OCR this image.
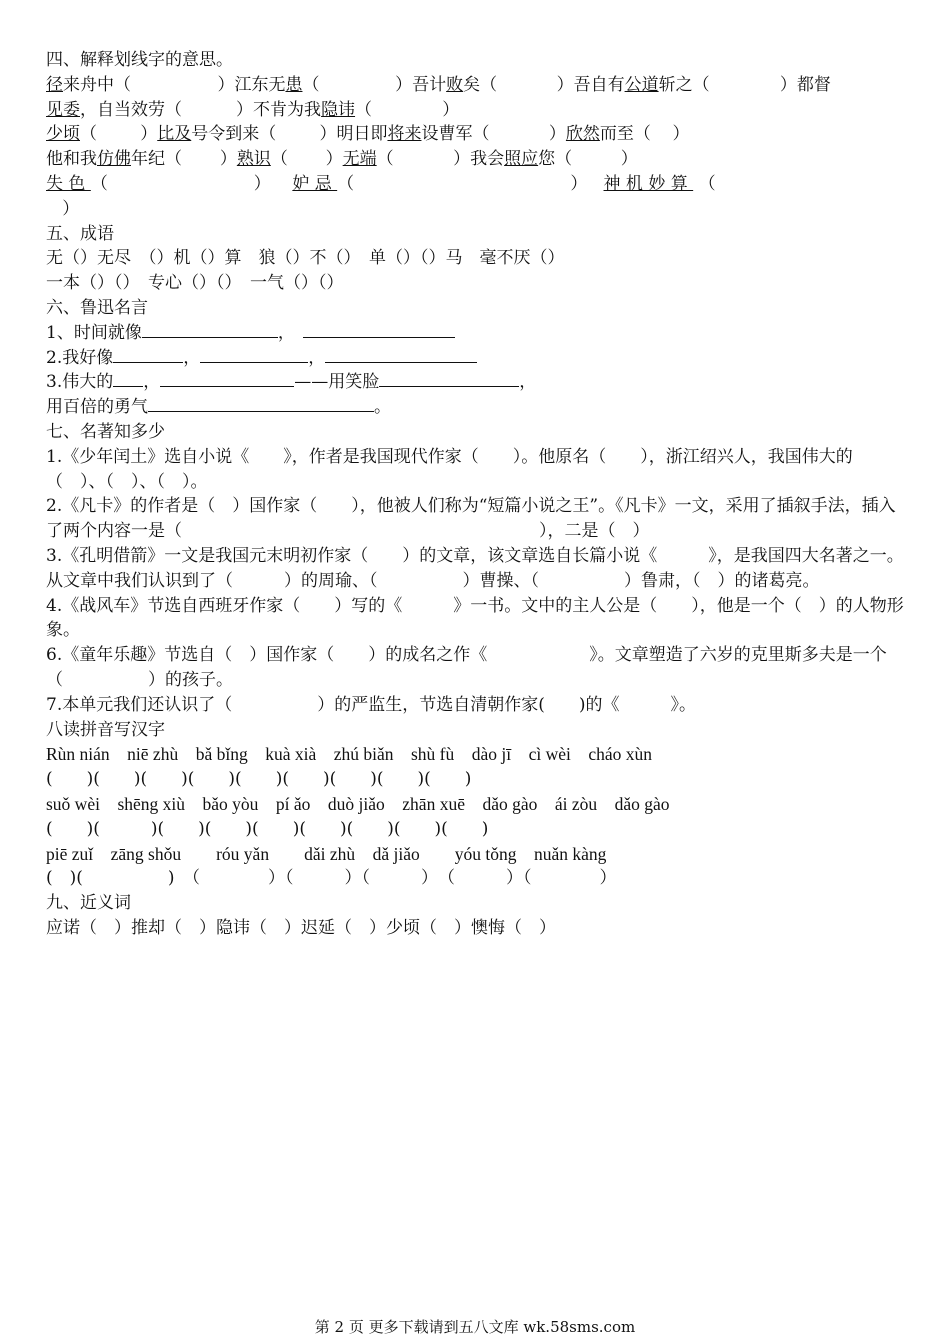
四、解释划线字的意思。
径来舟中（	）江东无患（	）吾计败矣（	）吾自有公道斩之（	）都督
见委，自当效劳（	）不肯为我隐讳（	）
少顷（	）比及号令到来（	）明日即将来设曹军（	）欣然而至（ ）
他和我仿佛年纪（ ）熟识（ ）无端（	）我会照应您（	）
失 色 （	） 妒 忌 （	） 神 机 妙 算  （
）
五、成语
无（）无尽　（）机（）算　狼（）不（）　单（）（）马　毫不厌（）
一本（）（）　专心（）（）　一气（）（）
六、鲁迅名言
1、时间就像	，
2.我好像	，	，
3.伟大的 ，	——用笑脸	，
用百倍的勇气	。
七、名著知多少
1.《少年闰土》选自小说《　　》，作者是我国现代作家（　　）。他原名（　　），浙江绍兴人，我国伟大的（　）、（　）、（　）。
2.《凡卡》的作者是（　）国作家（　　），他被人们称为“短篇小说之王”。《凡卡》一文，采用了插叙手法，插入了两个内容一是（　　　　　　　　　　　　　　　　　　　　　），二是（　）
3.《孔明借箭》一文是我国元末明初作家（　　）的文章，该文章选自长篇小说《　　　》，是我国四大名著之一。从文章中我们认识到了（　　　）的周瑜、（　　　　　）曹操、（　　　　　）鲁肃，（　）的诸葛亮。
4.《战风车》节选自西班牙作家（　　）写的《　　　》一书。文中的主人公是（　　），他是一个（　）的人物形象。
6.《童年乐趣》节选自（　）国作家（　　）的成名之作《　　　　　　》。文章塑造了六岁的克里斯多夫是一个（　　　　　）的孩子。
7.本单元我们还认识了（　　　　　）的严监生，节选自清朝作家(　　)的《　　　》。
八读拼音写汉字
Rùn nián　niē zhù　bǎ bǐng　kuà xià　zhú biǎn　shù fù　dào jī　cì wèi　cháo xùn
(　　)(　　)(　　)(　　)(　　)(　　)(　　)(　　)(　　)
suǒ wèi　shēng xiù　bǎo yòu　pí ǎo　duò jiǎo　zhān xuē　dǎo gào　ái zòu　dǎo gào
(　　)(　　　)(　　)(　　)(　　)(　　)(　　)(　　)(　　)
piē zuǐ　zāng shǒu　　róu yǎn　　dǎi zhù　dǎ jiǎo　　yóu tǒng　nuǎn kàng
(　)(　　　　　)　（　　　　）（　　　）（　　　）　（　　　）（　　　　）
九、近义词
应诺（　）推却（　）隐讳（　）迟延（　）少顷（　）懊悔（　）
第 2 页 更多下载请到五八文库 wk.58sms.com
